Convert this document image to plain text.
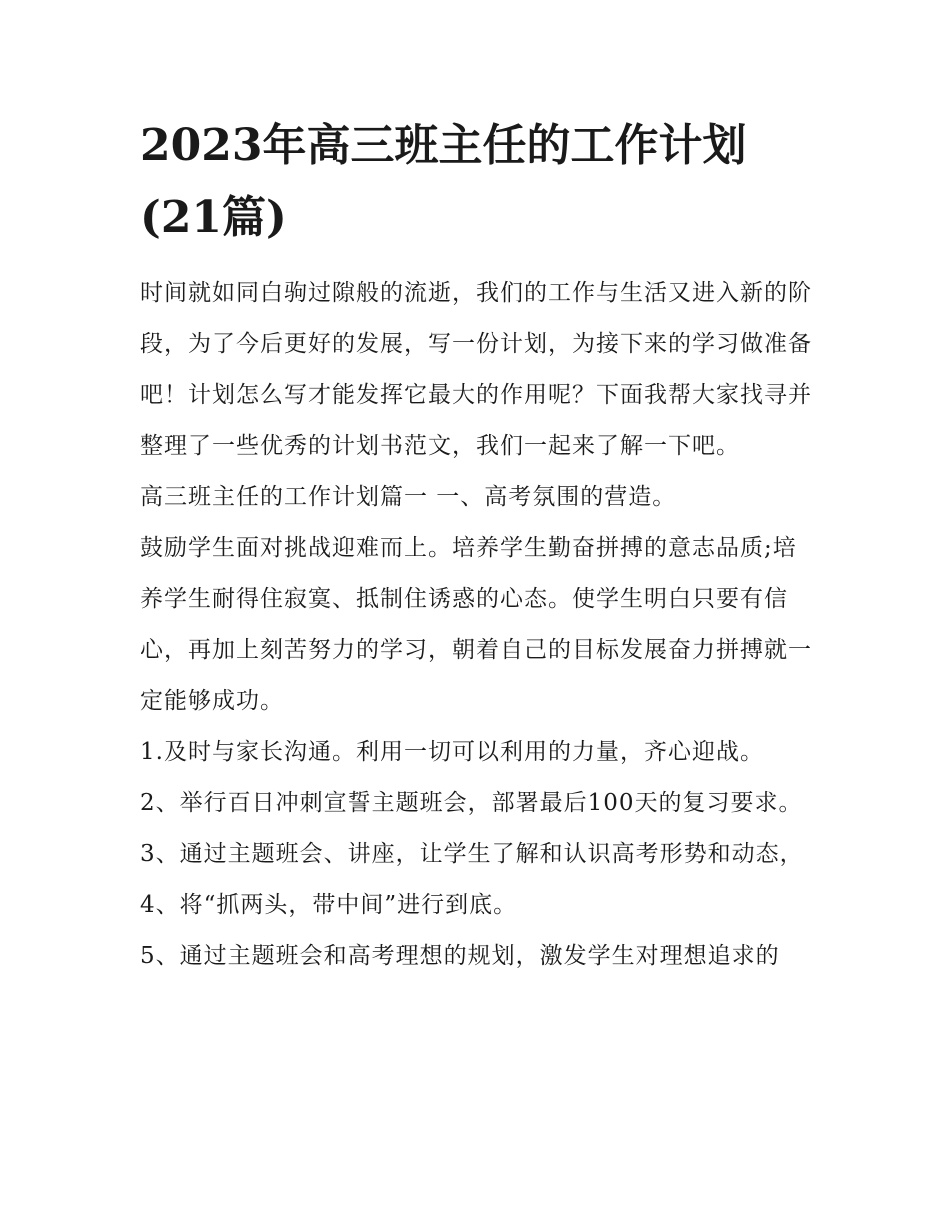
2023年高三班主任的工作计划(21篇)

时间就如同白驹过隙般的流逝，我们的工作与生活又进入新的阶段，为了今后更好的发展，写一份计划，为接下来的学习做准备吧！计划怎么写才能发挥它最大的作用呢？下面我帮大家找寻并整理了一些优秀的计划书范文，我们一起来了解一下吧。

高三班主任的工作计划篇一 一、高考氛围的营造。

鼓励学生面对挑战迎难而上。培养学生勤奋拼搏的意志品质;培养学生耐得住寂寞、抵制住诱惑的心态。使学生明白只要有信心，再加上刻苦努力的学习，朝着自己的目标发展奋力拼搏就一定能够成功。

1.及时与家长沟通。利用一切可以利用的力量，齐心迎战。

2、举行百日冲刺宣誓主题班会，部署最后100天的复习要求。

3、通过主题班会、讲座，让学生了解和认识高考形势和动态， 4、将“抓两头，带中间”进行到底。

5、通过主题班会和高考理想的规划，激发学生对理想追求的
